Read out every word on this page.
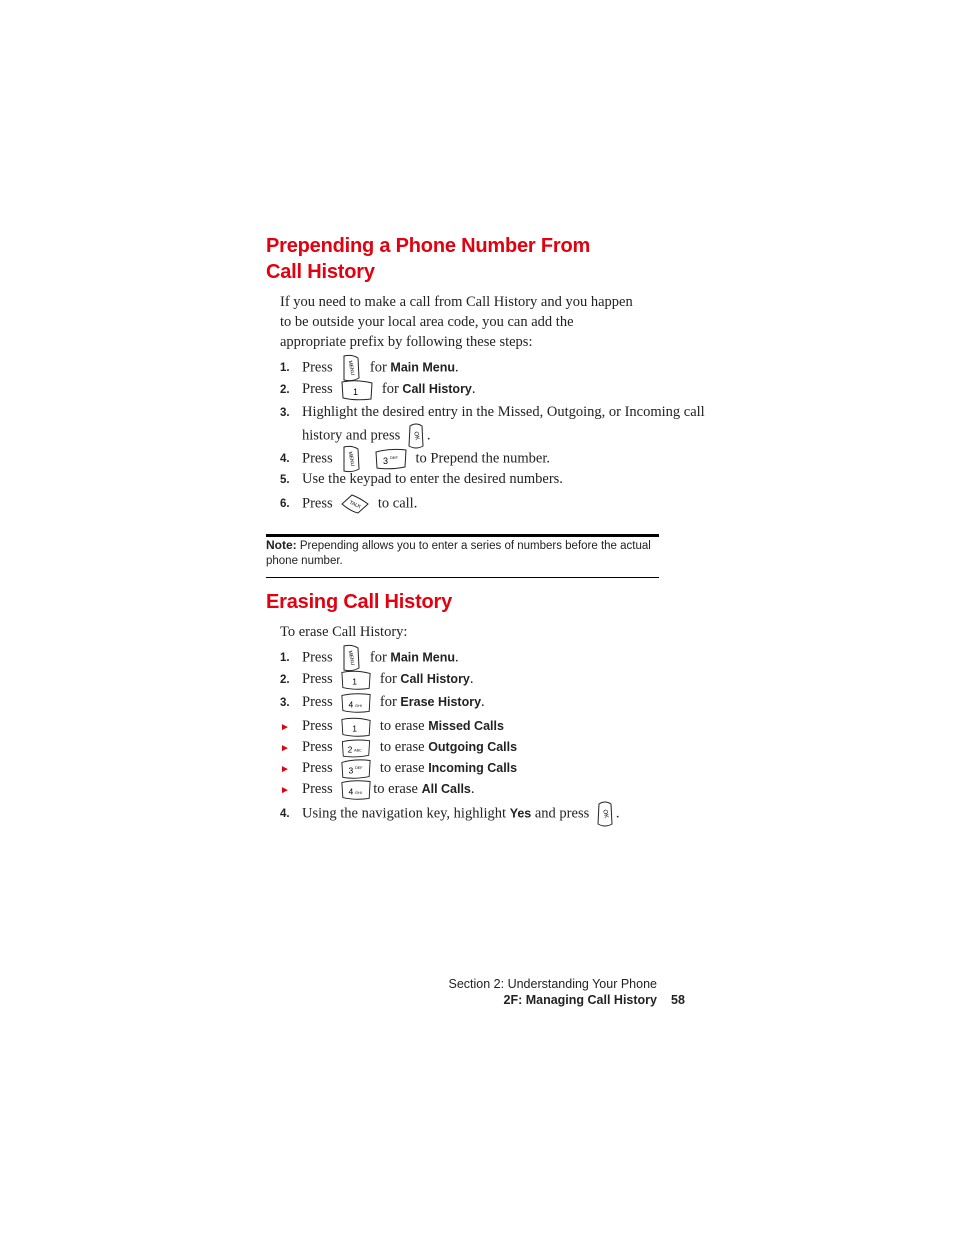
Prepending a Phone Number From
Call History
If you need to make a call from Call History and you happen to be outside your local area code, you can add the appropriate prefix by following these steps:
1. Press	MENU for Main Menu.
2. Press 1 for Call History.
3. Highlight the desired entry in the Missed, Outgoing, or Incoming call
history and press OK .
4. Press	MENU
	3 DEF to Prepend the number.
5. Use the keypad to enter the desired numbers.
6. Press	TALK to call.
Note: Prepending allows you to enter a series of numbers before the actual phone number.
Erasing Call History
To erase Call History:
1. Press	MENU for Main Menu.
2. Press 1 for Call History.
3. Press 4 GHI for Erase History.
► Press 1 to erase Missed Calls
► Press 2 ABC to erase Outgoing Calls
► Press 3 DEF to erase Incoming Calls
► Press 4 GHI to erase All Calls.
4. Using the navigation key, highlight Yes and press OK .
Section 2: Understanding Your Phone
2F: Managing Call History 58
